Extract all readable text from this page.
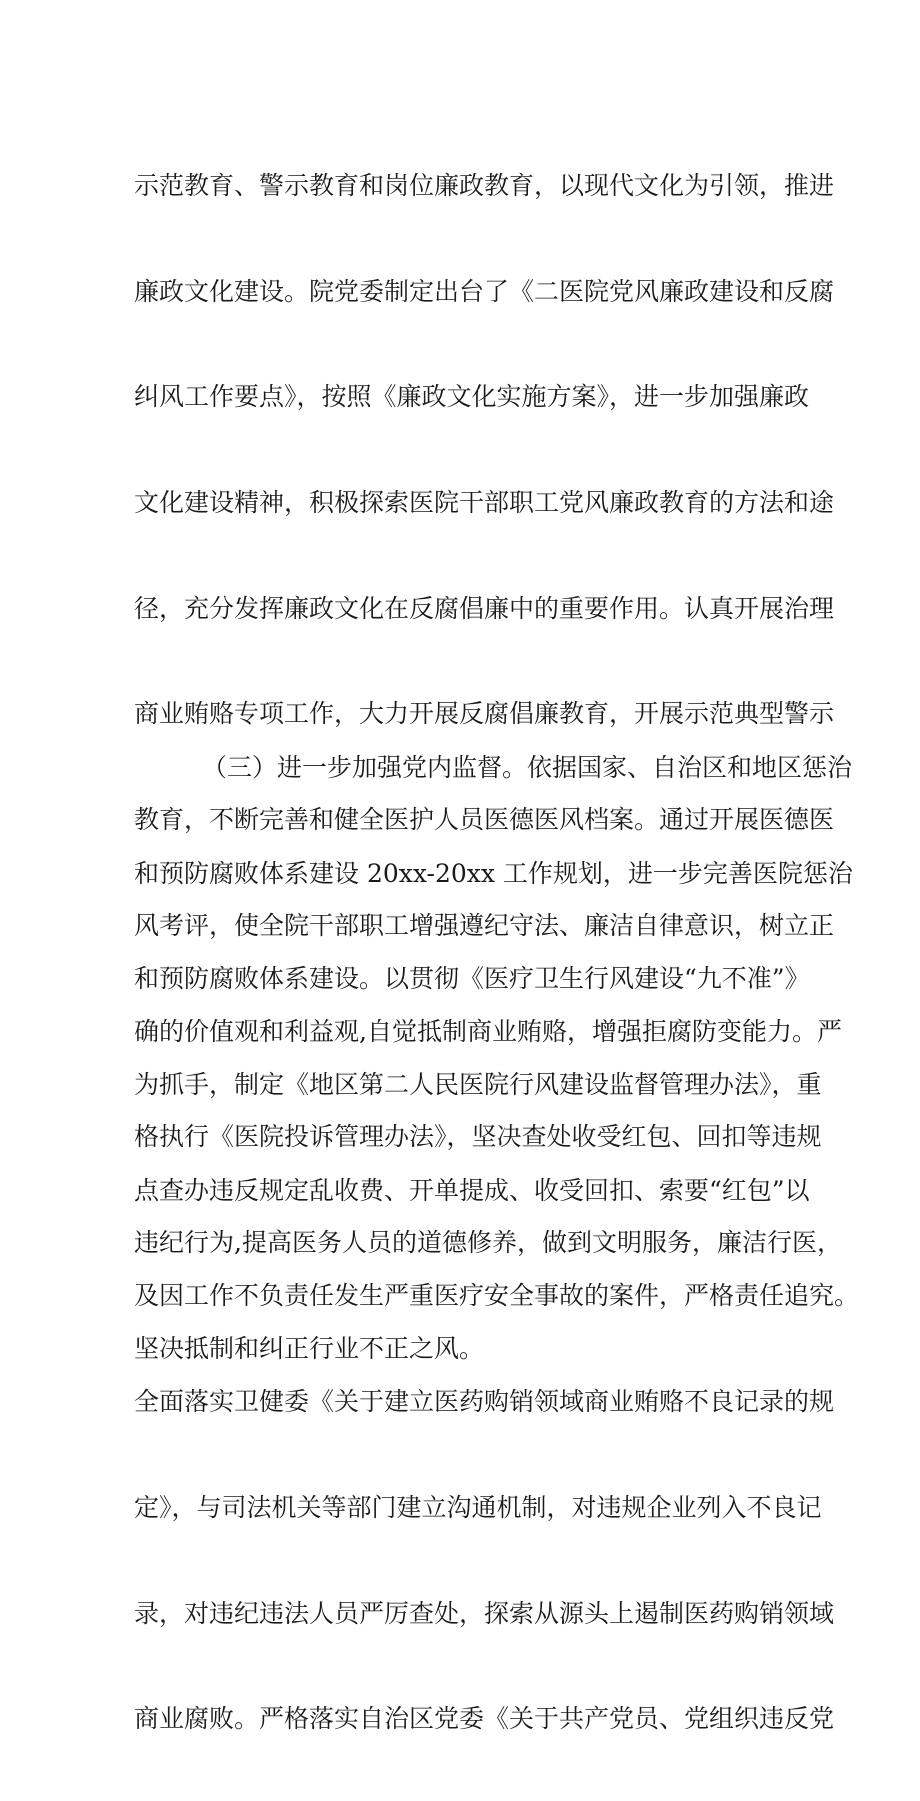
示范教育、警示教育和岗位廉政教育，以现代文化为引领，推进

廉政文化建设。院党委制定出台了《二医院党风廉政建设和反腐

纠风工作要点》，按照《廉政文化实施方案》，进一步加强廉政

文化建设精神，积极探索医院干部职工党风廉政教育的方法和途

径，充分发挥廉政文化在反腐倡廉中的重要作用。认真开展治理

商业贿赂专项工作，大力开展反腐倡廉教育，开展示范典型警示

教育，不断完善和健全医护人员医德医风档案。通过开展医德医

风考评，使全院干部职工增强遵纪守法、廉洁自律意识，树立正

确的价值观和利益观,自觉抵制商业贿赂，增强拒腐防变能力。严

格执行《医院投诉管理办法》，坚决查处收受红包、回扣等违规

违纪行为,提高医务人员的道德修养，做到文明服务，廉洁行医，

坚决抵制和纠正行业不正之风。

（三）进一步加强党内监督。依据国家、自治区和地区惩治

和预防腐败体系建设 20xx-20xx 工作规划，进一步完善医院惩治

和预防腐败体系建设。以贯彻《医疗卫生行风建设“九不准”》

为抓手，制定《地区第二人民医院行风建设监督管理办法》，重

点查办违反规定乱收费、开单提成、收受回扣、索要“红包”以

及因工作不负责任发生严重医疗安全事故的案件，严格责任追究。

全面落实卫健委《关于建立医药购销领域商业贿赂不良记录的规

定》，与司法机关等部门建立沟通机制，对违规企业列入不良记

录，对违纪违法人员严厉查处，探索从源头上遏制医药购销领域

商业腐败。严格落实自治区党委《关于共产党员、党组织违反党
